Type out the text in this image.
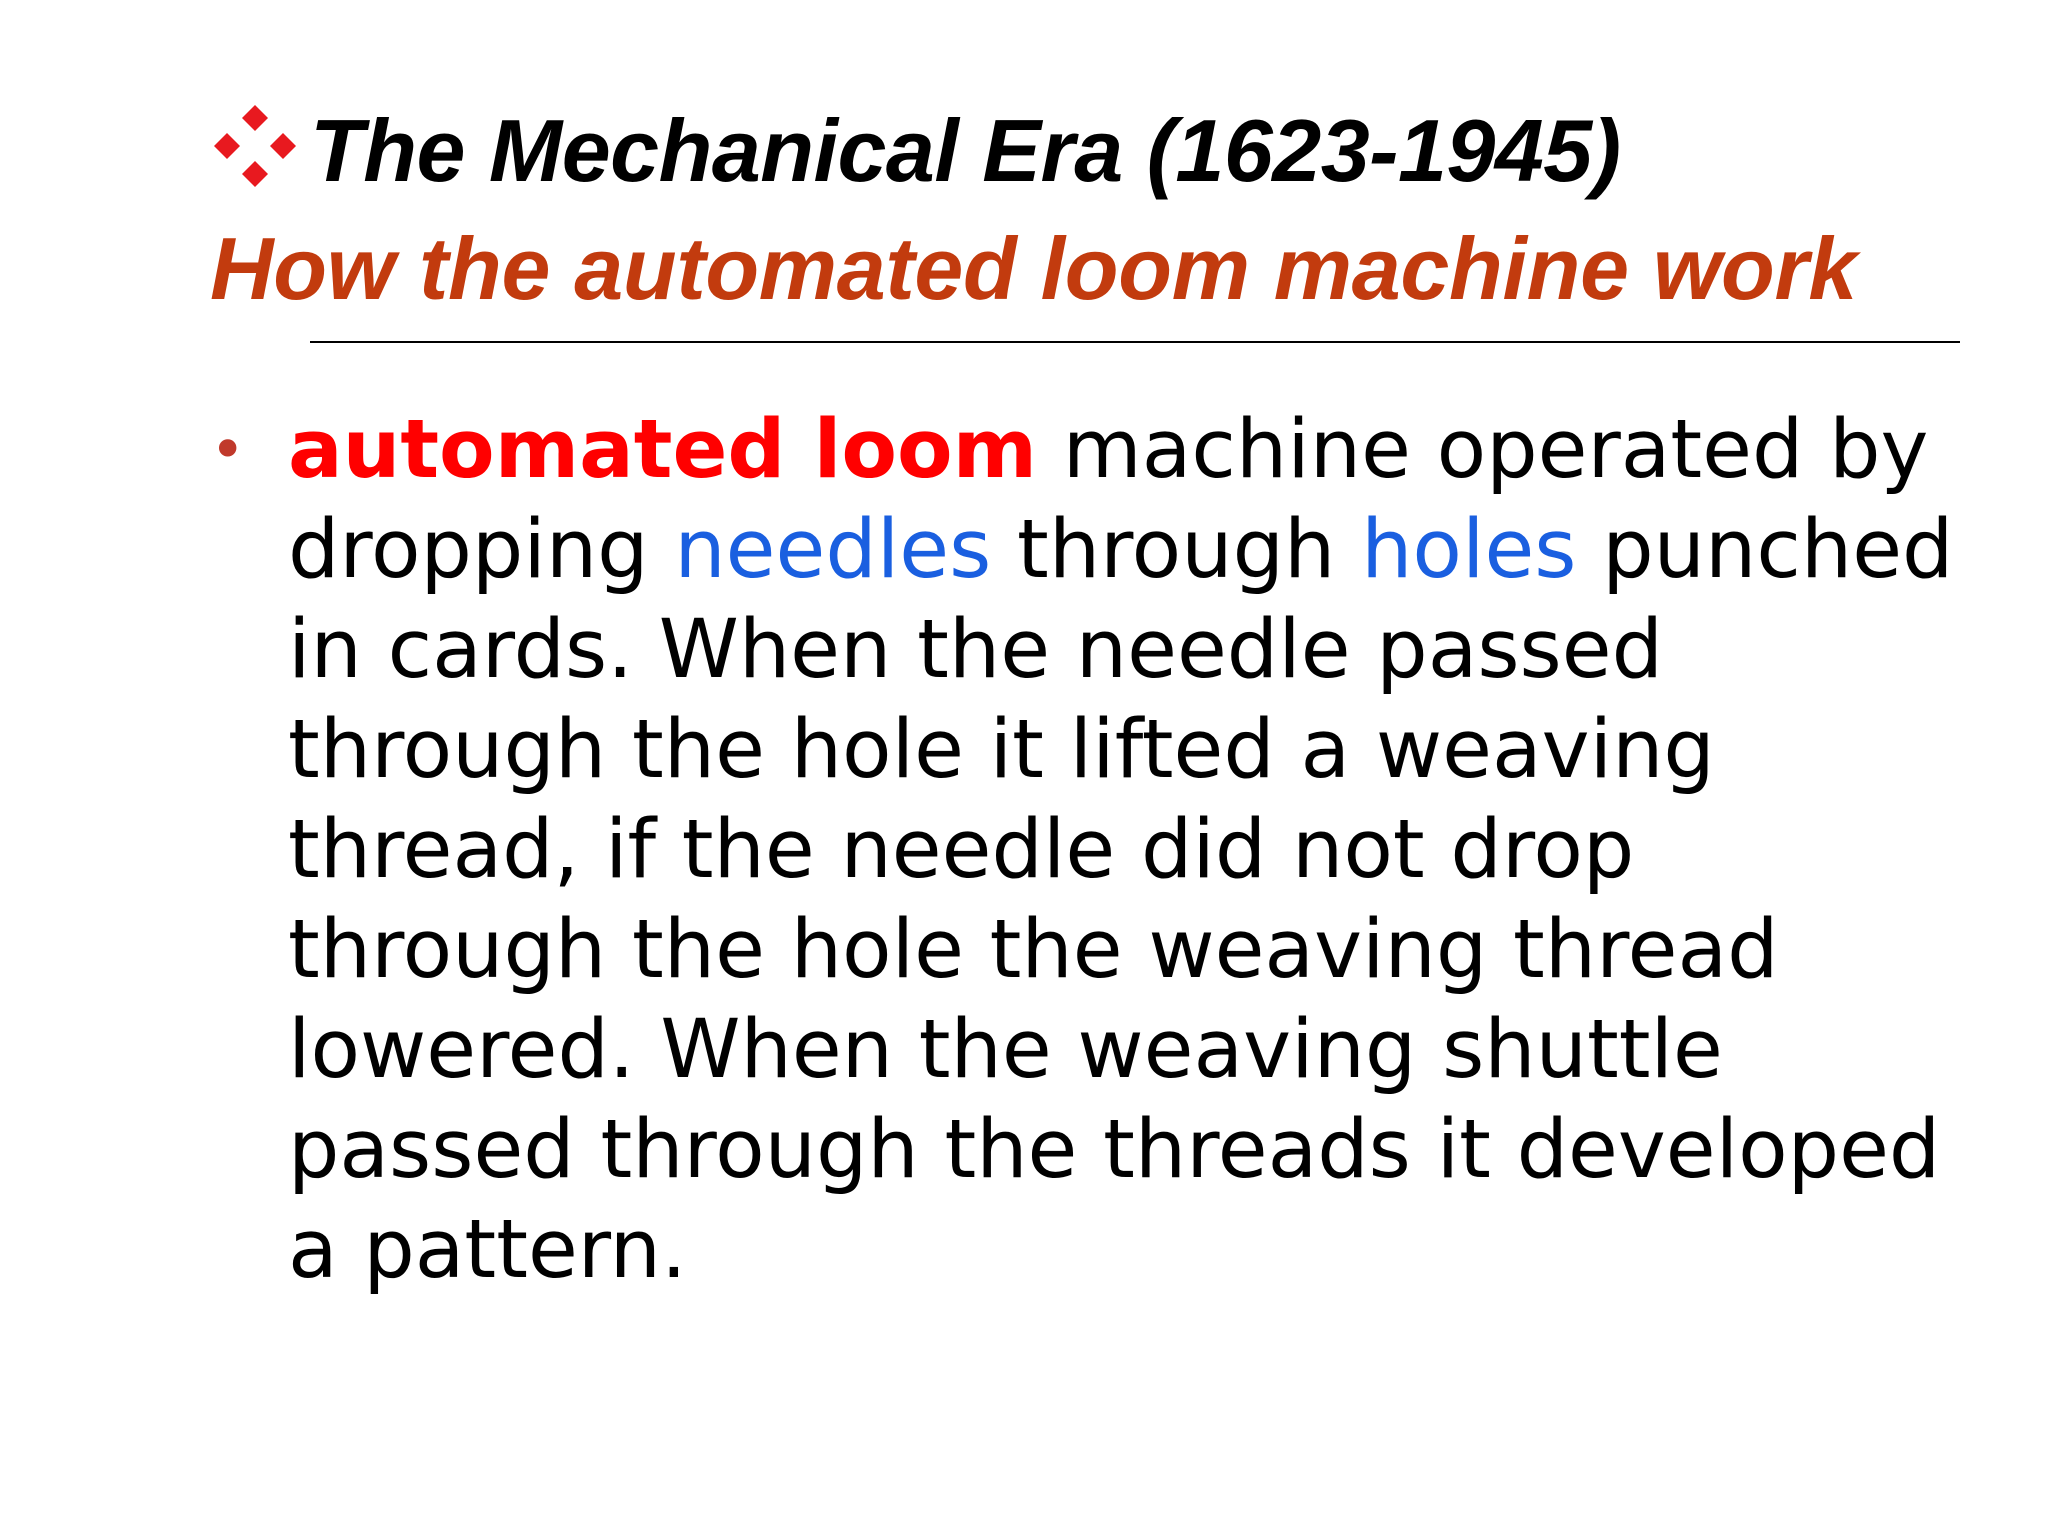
The Mechanical Era (1623-1945)
How the automated loom machine work
• automated loom machine operated by
dropping needles through holes punched
in cards. When the needle passed
through the hole it lifted a weaving
thread, if the needle did not drop
through the hole the weaving thread
lowered. When the weaving shuttle
passed through the threads it developed
a pattern.
